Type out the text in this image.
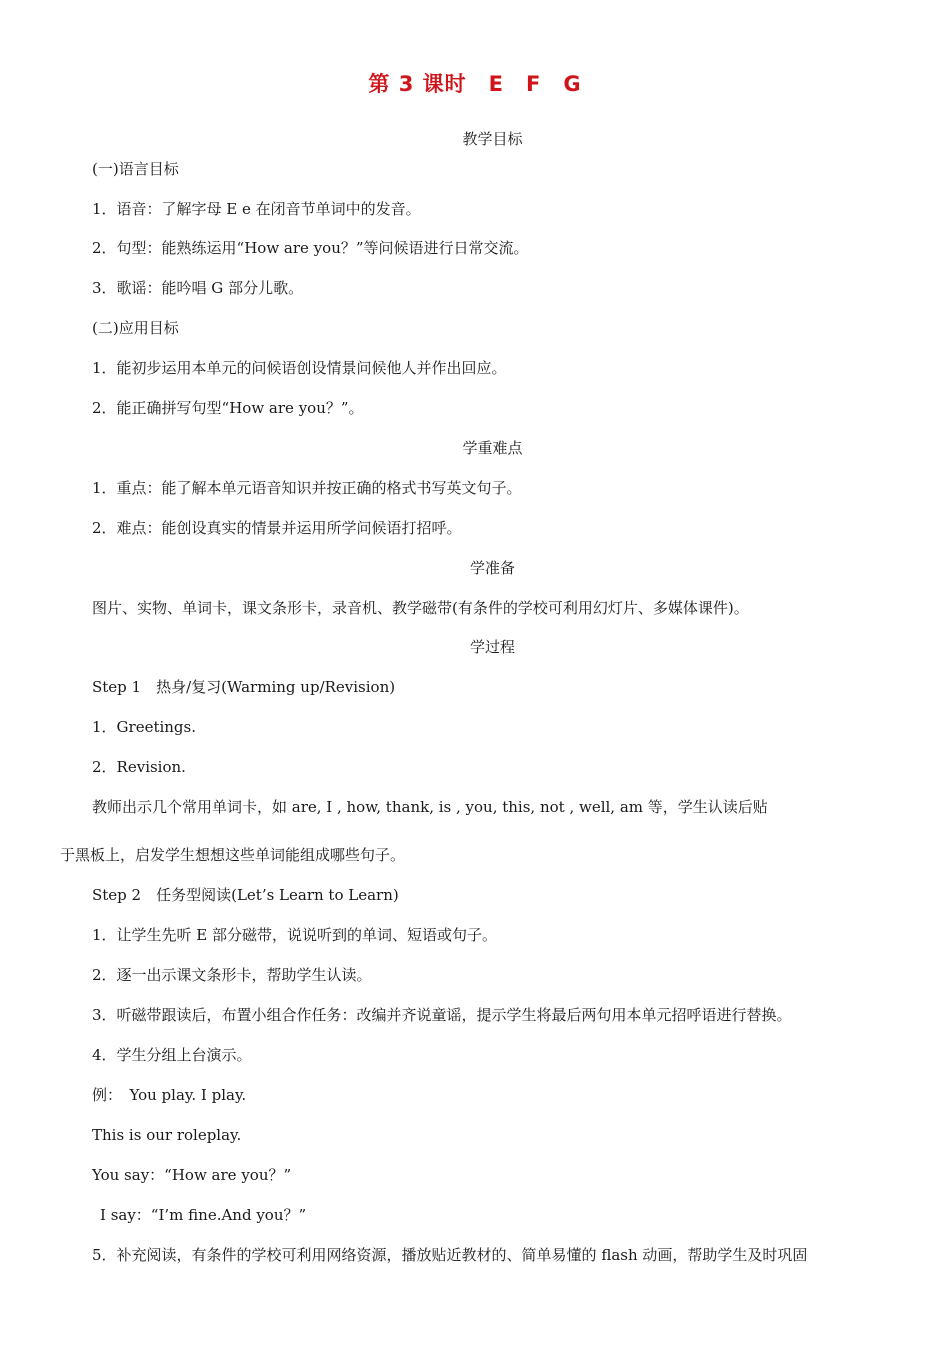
第 3 课时　E　F　G
教学目标
(一)语言目标
1．语音：了解字母 E e 在闭音节单词中的发音。
2．句型：能熟练运用“How are you？”等问候语进行日常交流。
3．歌谣：能吟唱 G 部分儿歌。
(二)应用目标
1．能初步运用本单元的问候语创设情景问候他人并作出回应。
2．能正确拼写句型“How are you？”。
学重难点
1．重点：能了解本单元语音知识并按正确的格式书写英文句子。
2．难点：能创设真实的情景并运用所学问候语打招呼。
学准备
图片、实物、单词卡，课文条形卡，录音机、教学磁带(有条件的学校可利用幻灯片、多媒体课件)。
学过程
Step 1　热身/复习(Warming up/Revision)
1．Greetings.
2．Revision.
教师出示几个常用单词卡，如 are, I , how, thank, is , you, this, not , well, am 等，学生认读后贴
于黑板上，启发学生想想这些单词能组成哪些句子。
Step 2　任务型阅读(Let’s Learn to Learn)
1．让学生先听 E 部分磁带，说说听到的单词、短语或句子。
2．逐一出示课文条形卡，帮助学生认读。
3．听磁带跟读后，布置小组合作任务：改编并齐说童谣，提示学生将最后两句用本单元招呼语进行替换。
4．学生分组上台演示。
例：　You play. I play.
This is our roleplay.
You say：“How are you？”
I say：“I’m fine.And you？”
5．补充阅读，有条件的学校可利用网络资源，播放贴近教材的、简单易懂的 flash 动画，帮助学生及时巩固
